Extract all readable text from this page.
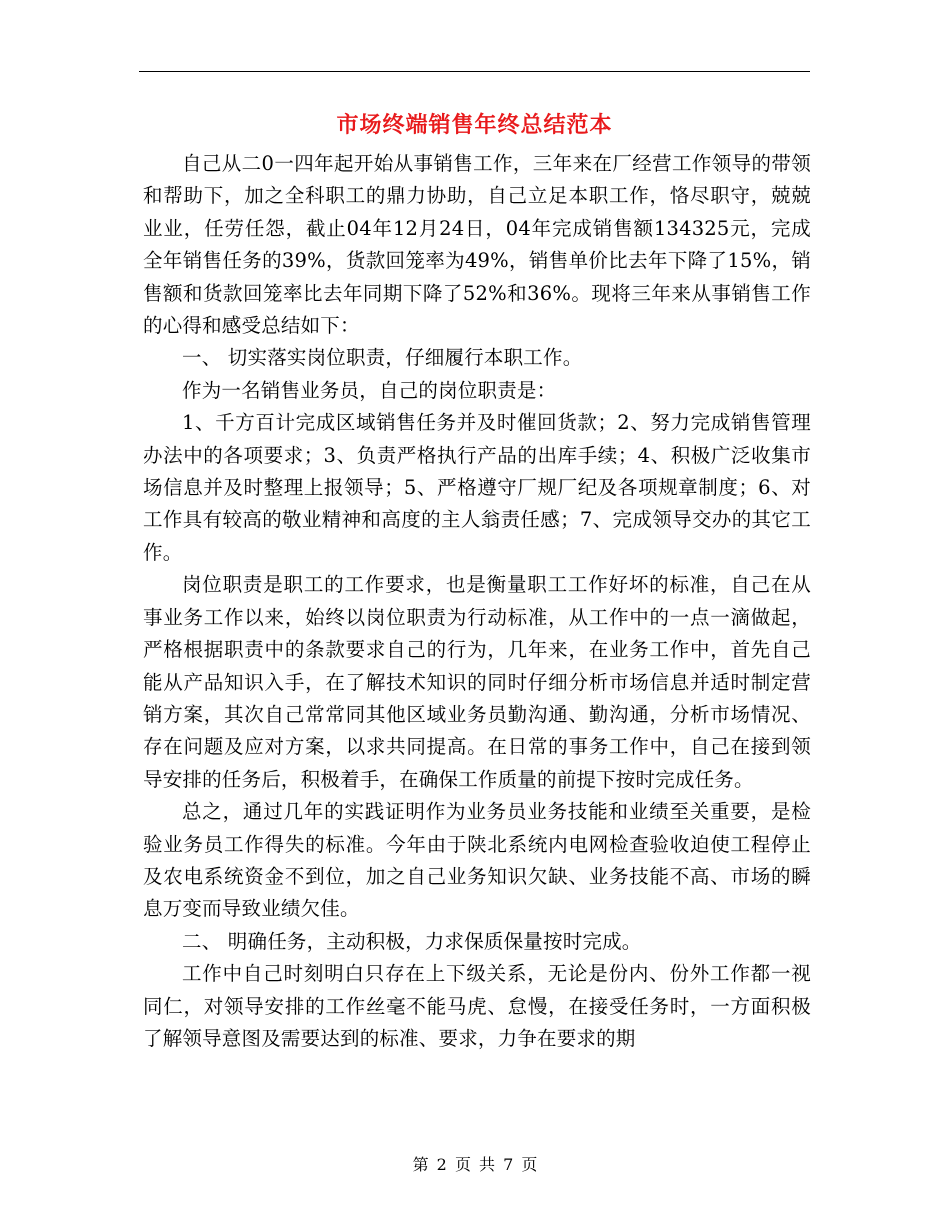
市场终端销售年终总结范本

自己从二0一四年起开始从事销售工作，三年来在厂经营工作领导的带领和帮助下，加之全科职工的鼎力协助，自己立足本职工作，恪尽职守，兢兢业业，任劳任怨，截止04年12月24日，04年完成销售额134325元，完成全年销售任务的39%，货款回笼率为49%，销售单价比去年下降了15%，销售额和货款回笼率比去年同期下降了52%和36%。现将三年来从事销售工作的心得和感受总结如下：

一、 切实落实岗位职责，仔细履行本职工作。

作为一名销售业务员，自己的岗位职责是：

1、千方百计完成区域销售任务并及时催回货款；2、努力完成销售管理办法中的各项要求；3、负责严格执行产品的出库手续；4、积极广泛收集市场信息并及时整理上报领导；5、严格遵守厂规厂纪及各项规章制度；6、对工作具有较高的敬业精神和高度的主人翁责任感；7、完成领导交办的其它工作。

岗位职责是职工的工作要求，也是衡量职工工作好坏的标准，自己在从事业务工作以来，始终以岗位职责为行动标准，从工作中的一点一滴做起，严格根据职责中的条款要求自己的行为，几年来，在业务工作中，首先自己能从产品知识入手，在了解技术知识的同时仔细分析市场信息并适时制定营销方案，其次自己常常同其他区域业务员勤沟通、勤沟通，分析市场情况、存在问题及应对方案，以求共同提高。在日常的事务工作中，自己在接到领导安排的任务后，积极着手，在确保工作质量的前提下按时完成任务。

总之，通过几年的实践证明作为业务员业务技能和业绩至关重要，是检验业务员工作得失的标准。今年由于陕北系统内电网检查验收迫使工程停止及农电系统资金不到位，加之自己业务知识欠缺、业务技能不高、市场的瞬息万变而导致业绩欠佳。

二、 明确任务，主动积极，力求保质保量按时完成。

工作中自己时刻明白只存在上下级关系，无论是份内、份外工作都一视同仁，对领导安排的工作丝毫不能马虎、怠慢，在接受任务时，一方面积极了解领导意图及需要达到的标准、要求，力争在要求的期

第 2 页 共 7 页
